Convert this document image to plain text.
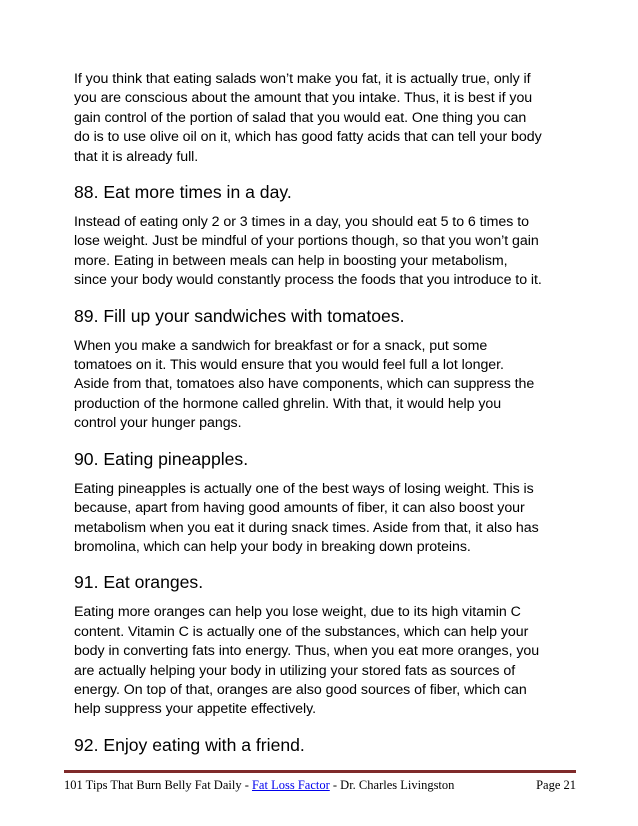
If you think that eating salads won’t make you fat, it is actually true, only if
you are conscious about the amount that you intake. Thus, it is best if you
gain control of the portion of salad that you would eat. One thing you can
do is to use olive oil on it, which has good fatty acids that can tell your body
that it is already full.

88. Eat more times in a day.

Instead of eating only 2 or 3 times in a day, you should eat 5 to 6 times to
lose weight. Just be mindful of your portions though, so that you won’t gain
more. Eating in between meals can help in boosting your metabolism,
since your body would constantly process the foods that you introduce to it.

89. Fill up your sandwiches with tomatoes.

When you make a sandwich for breakfast or for a snack, put some
tomatoes on it. This would ensure that you would feel full a lot longer.
Aside from that, tomatoes also have components, which can suppress the
production of the hormone called ghrelin. With that, it would help you
control your hunger pangs.

90. Eating pineapples.

Eating pineapples is actually one of the best ways of losing weight. This is
because, apart from having good amounts of fiber, it can also boost your
metabolism when you eat it during snack times. Aside from that, it also has
bromolina, which can help your body in breaking down proteins.

91. Eat oranges.

Eating more oranges can help you lose weight, due to its high vitamin C
content. Vitamin C is actually one of the substances, which can help your
body in converting fats into energy. Thus, when you eat more oranges, you
are actually helping your body in utilizing your stored fats as sources of
energy. On top of that, oranges are also good sources of fiber, which can
help suppress your appetite effectively.

92. Enjoy eating with a friend.

101 Tips That Burn Belly Fat Daily - Fat Loss Factor - Dr. Charles Livingston	Page 21
